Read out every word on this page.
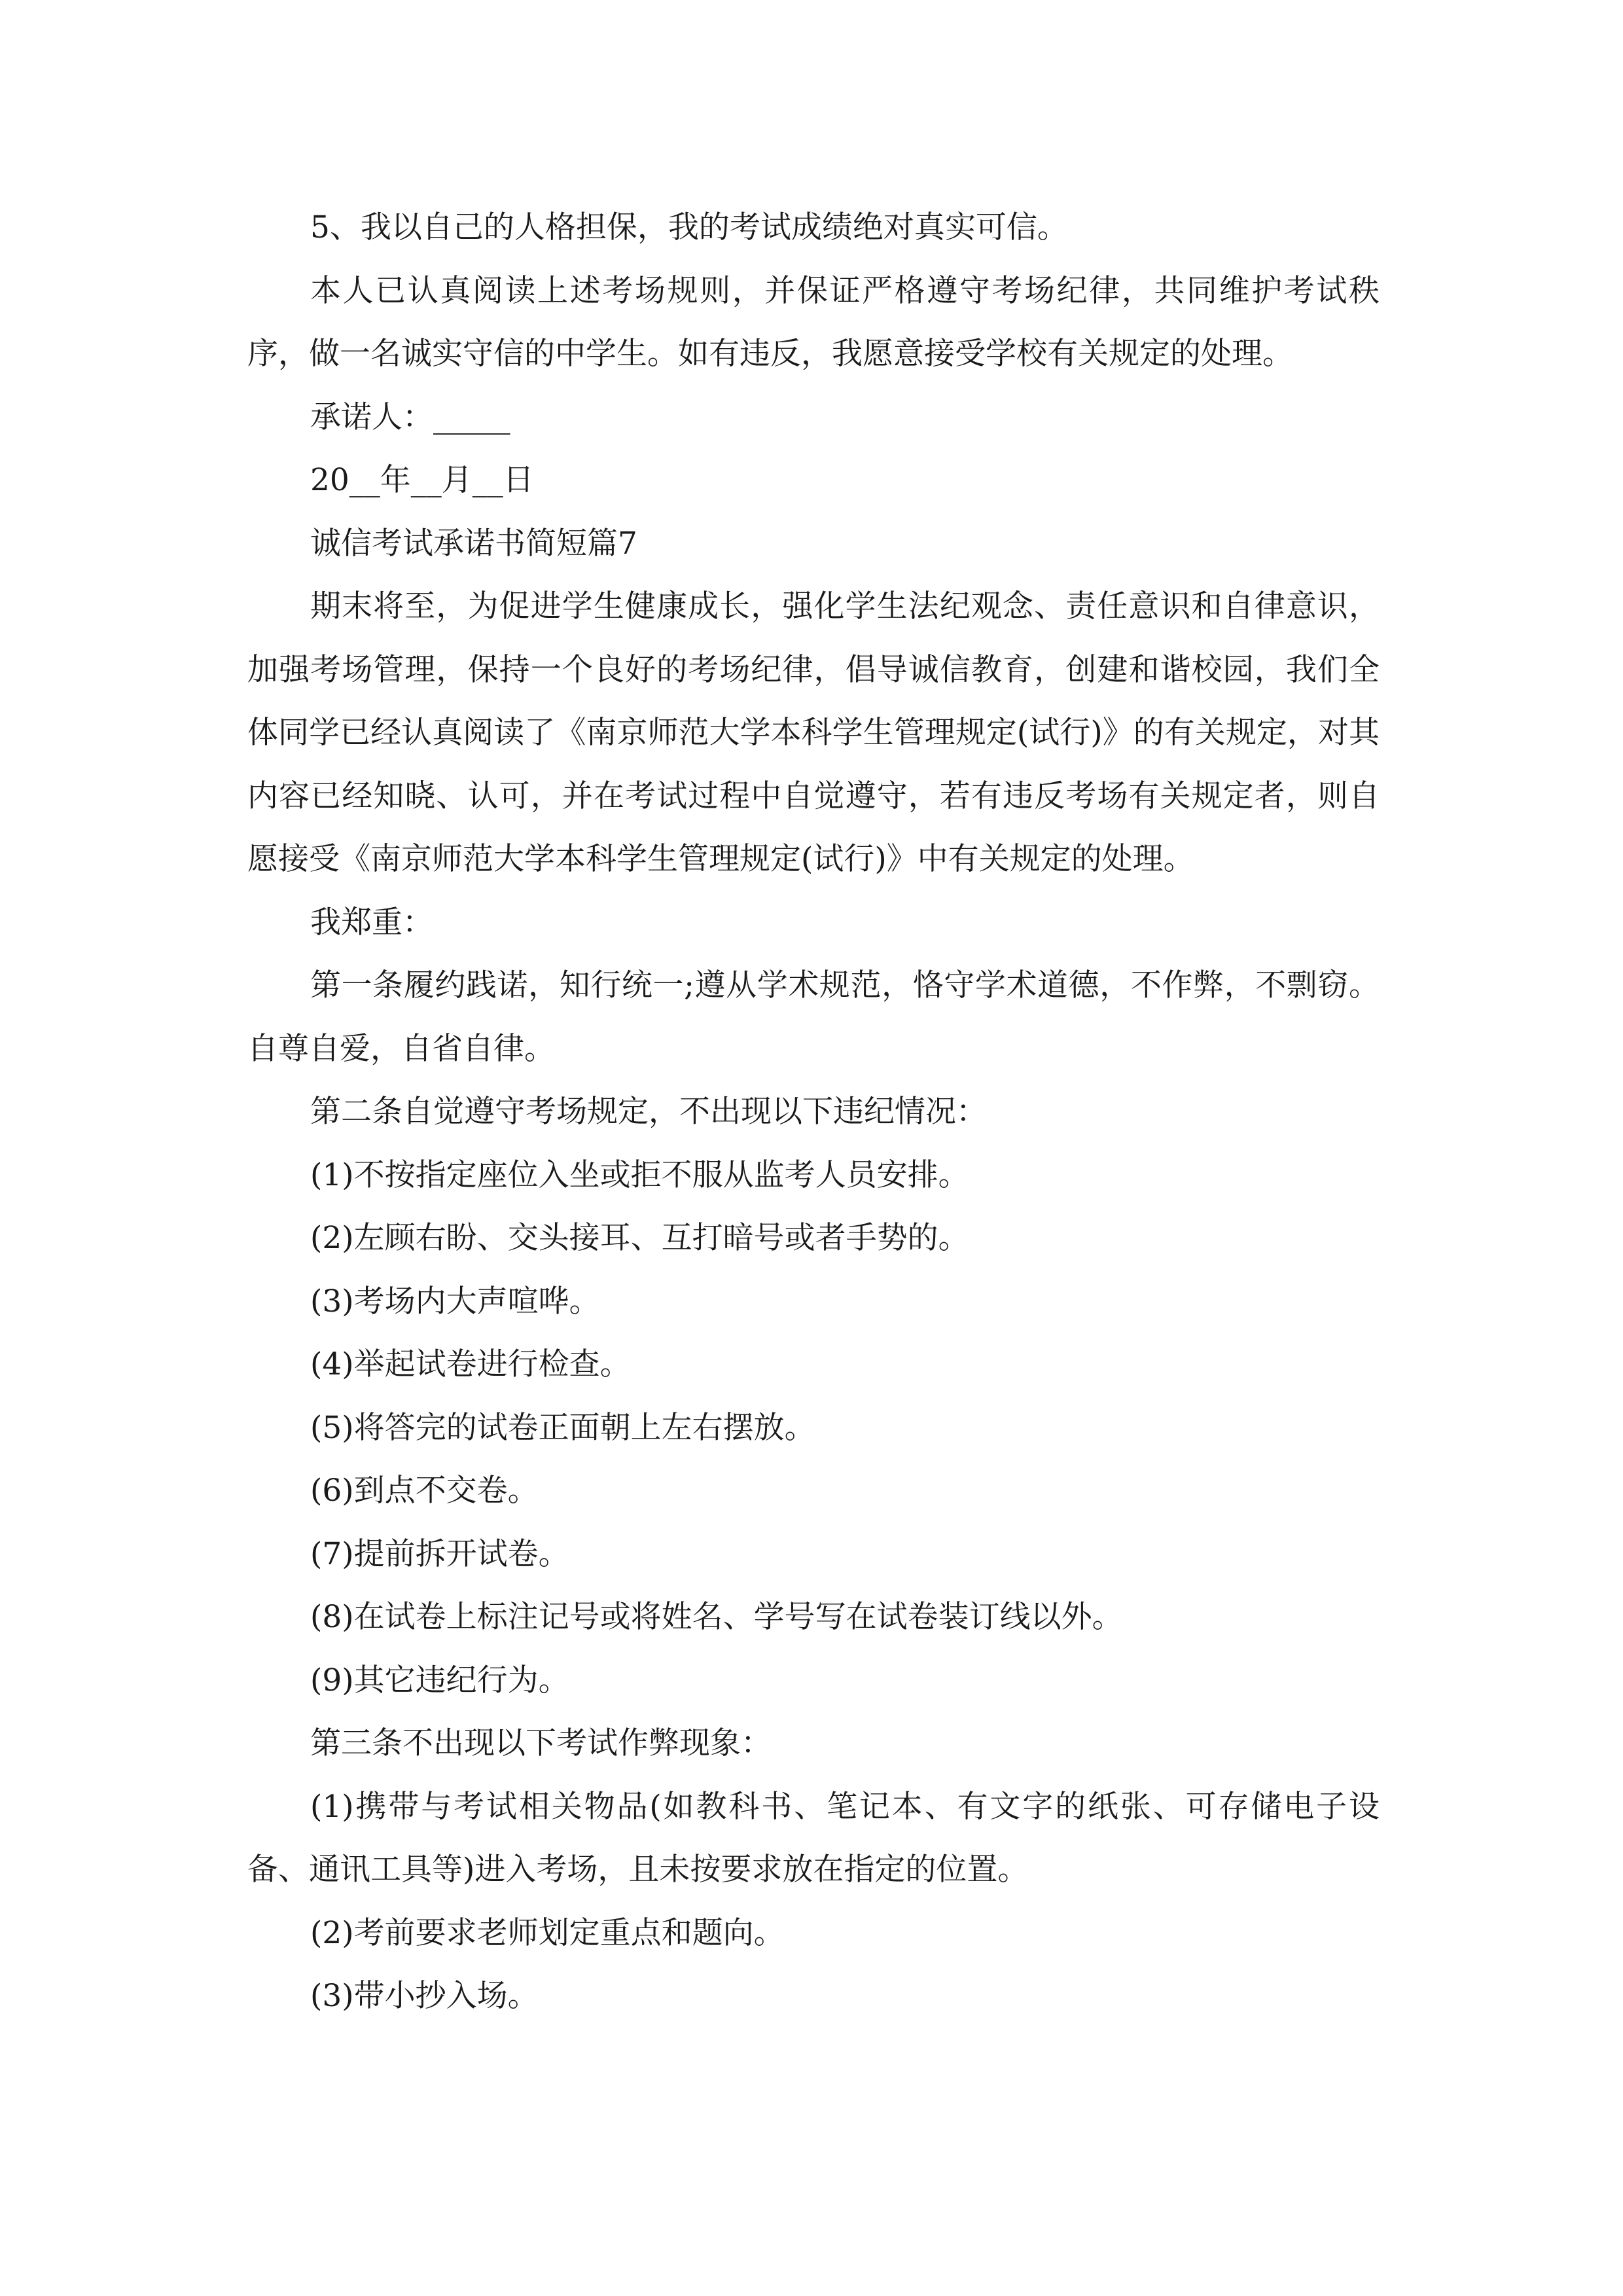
5、我以自己的人格担保，我的考试成绩绝对真实可信。

本人已认真阅读上述考场规则，并保证严格遵守考场纪律，共同维护考试秩序，做一名诚实守信的中学生。如有违反，我愿意接受学校有关规定的处理。

承诺人：_____

20__年__月__日

诚信考试承诺书简短篇7

期末将至，为促进学生健康成长，强化学生法纪观念、责任意识和自律意识，加强考场管理，保持一个良好的考场纪律，倡导诚信教育，创建和谐校园，我们全体同学已经认真阅读了《南京师范大学本科学生管理规定(试行)》的有关规定，对其内容已经知晓、认可，并在考试过程中自觉遵守，若有违反考场有关规定者，则自愿接受《南京师范大学本科学生管理规定(试行)》中有关规定的处理。

我郑重：

第一条履约践诺，知行统一;遵从学术规范，恪守学术道德，不作弊，不剽窃。自尊自爱，自省自律。

第二条自觉遵守考场规定，不出现以下违纪情况：

(1)不按指定座位入坐或拒不服从监考人员安排。

(2)左顾右盼、交头接耳、互打暗号或者手势的。

(3)考场内大声喧哗。

(4)举起试卷进行检查。

(5)将答完的试卷正面朝上左右摆放。

(6)到点不交卷。

(7)提前拆开试卷。

(8)在试卷上标注记号或将姓名、学号写在试卷装订线以外。

(9)其它违纪行为。

第三条不出现以下考试作弊现象：

(1)携带与考试相关物品(如教科书、笔记本、有文字的纸张、可存储电子设备、通讯工具等)进入考场，且未按要求放在指定的位置。

(2)考前要求老师划定重点和题向。

(3)带小抄入场。
